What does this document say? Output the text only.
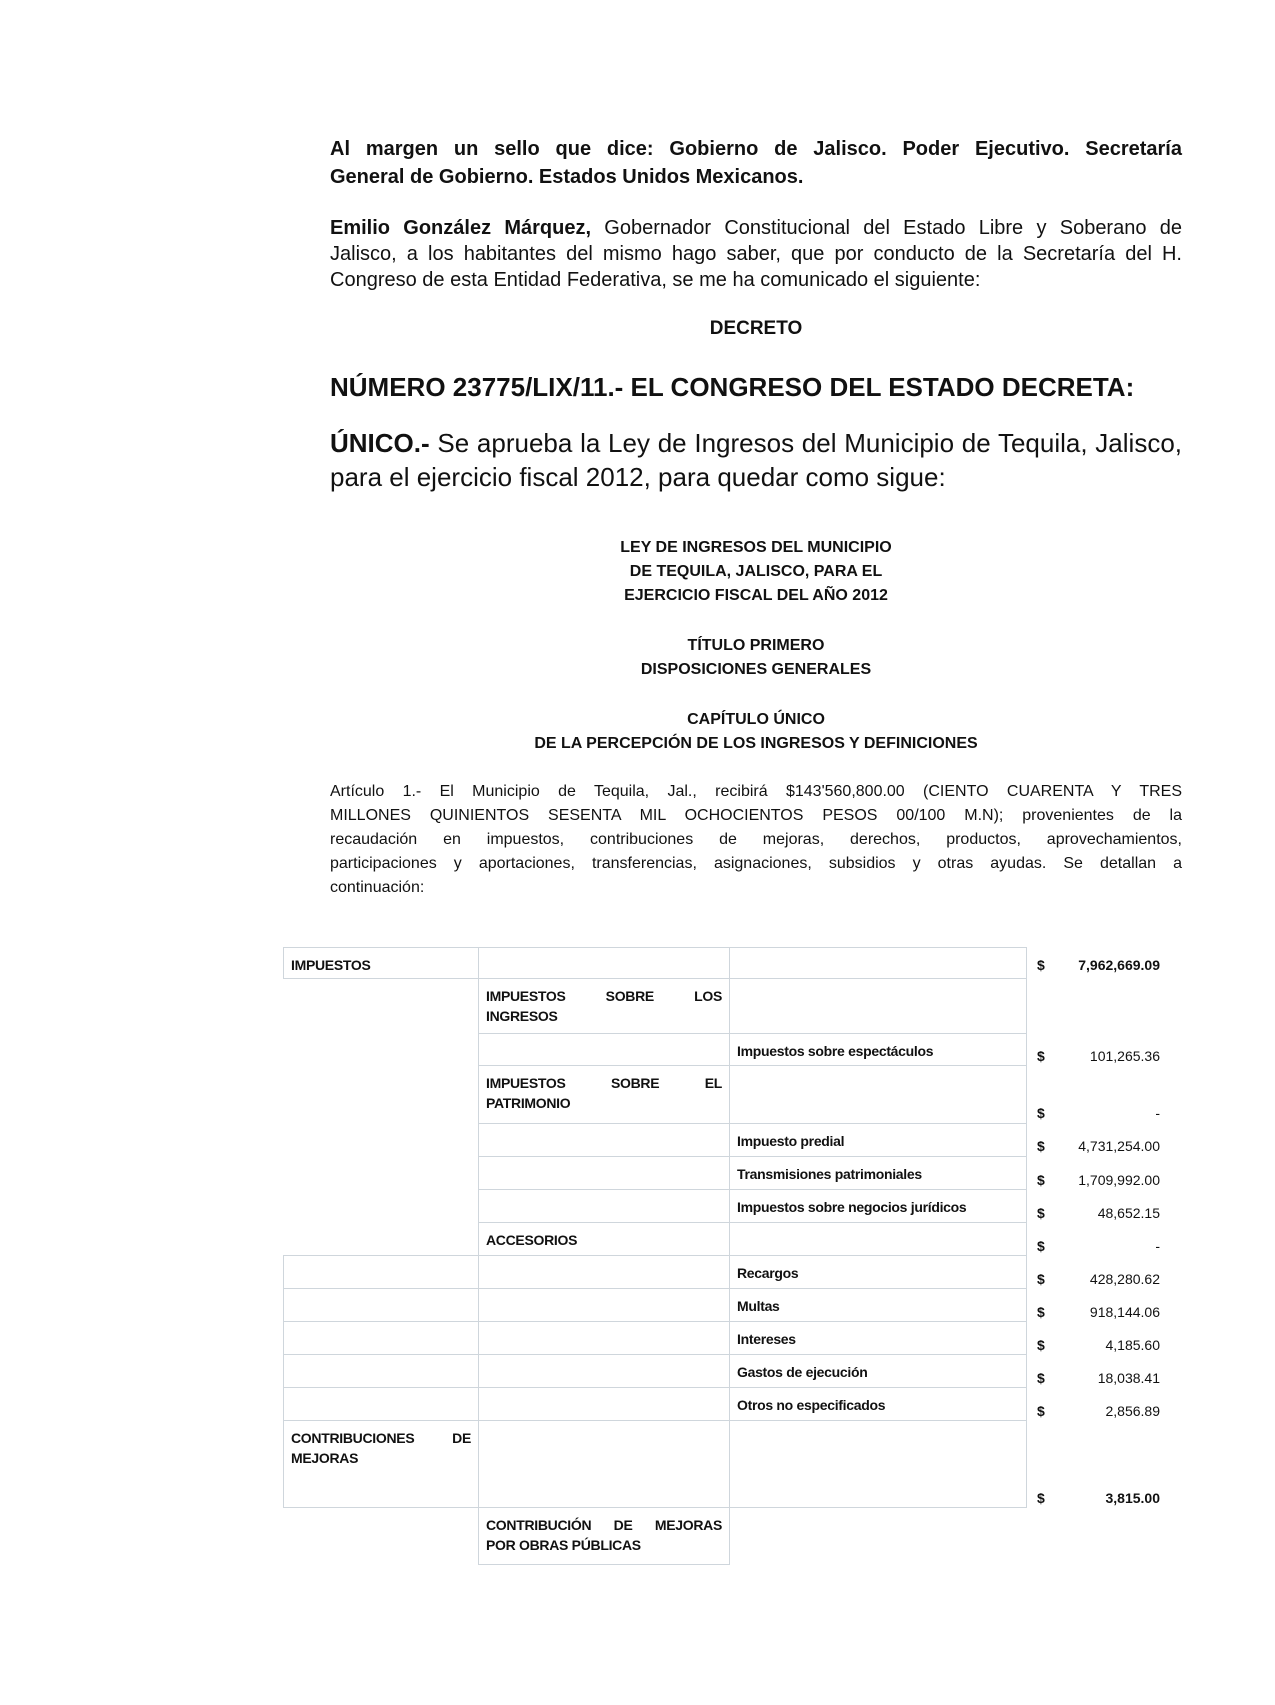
Al margen un sello que dice: Gobierno de Jalisco. Poder Ejecutivo. Secretaría
General de Gobierno. Estados Unidos Mexicanos.

Emilio González Márquez, Gobernador Constitucional del Estado Libre y Soberano de
Jalisco, a los habitantes del mismo hago saber, que por conducto de la Secretaría del H.
Congreso de esta Entidad Federativa, se me ha comunicado el siguiente:

DECRETO

NÚMERO 23775/LIX/11.- EL CONGRESO DEL ESTADO DECRETA:

ÚNICO.- Se aprueba la Ley de Ingresos del Municipio de Tequila, Jalisco,
para el ejercicio fiscal 2012, para quedar como sigue:

LEY DE INGRESOS DEL MUNICIPIO
DE TEQUILA, JALISCO, PARA EL
EJERCICIO FISCAL DEL AÑO 2012
TÍTULO PRIMERO
DISPOSICIONES GENERALES
CAPÍTULO ÚNICO
DE LA PERCEPCIÓN DE LOS INGRESOS Y DEFINICIONES

Artículo 1.- El Municipio de Tequila, Jal., recibirá $143'560,800.00 (CIENTO CUARENTA Y TRES
MILLONES QUINIENTOS SESENTA MIL OCHOCIENTOS PESOS 00/100 M.N); provenientes de la
recaudación en impuestos, contribuciones de mejoras, derechos, productos, aprovechamientos,
participaciones y aportaciones, transferencias, asignaciones, subsidios y otras ayudas. Se detallan a
continuación:

IMPUESTOS	$ 7,962,669.09
IMPUESTOS SOBRE LOS
INGRESOS
Impuestos sobre espectáculos	$	101,265.36
IMPUESTOS SOBRE EL
PATRIMONIO
$	-
Impuesto predial	$ 4,731,254.00
Transmisiones patrimoniales	$ 1,709,992.00
Impuestos sobre negocios jurídicos	$	48,652.15
ACCESORIOS	$	-
Recargos	$	428,280.62
Multas	$	918,144.06
Intereses	$	4,185.60
Gastos de ejecución	$	18,038.41
Otros no especificados	$	2,856.89
CONTRIBUCIONES DE
MEJORAS
$	3,815.00
CONTRIBUCIÓN DE MEJORAS
POR OBRAS PÚBLICAS
